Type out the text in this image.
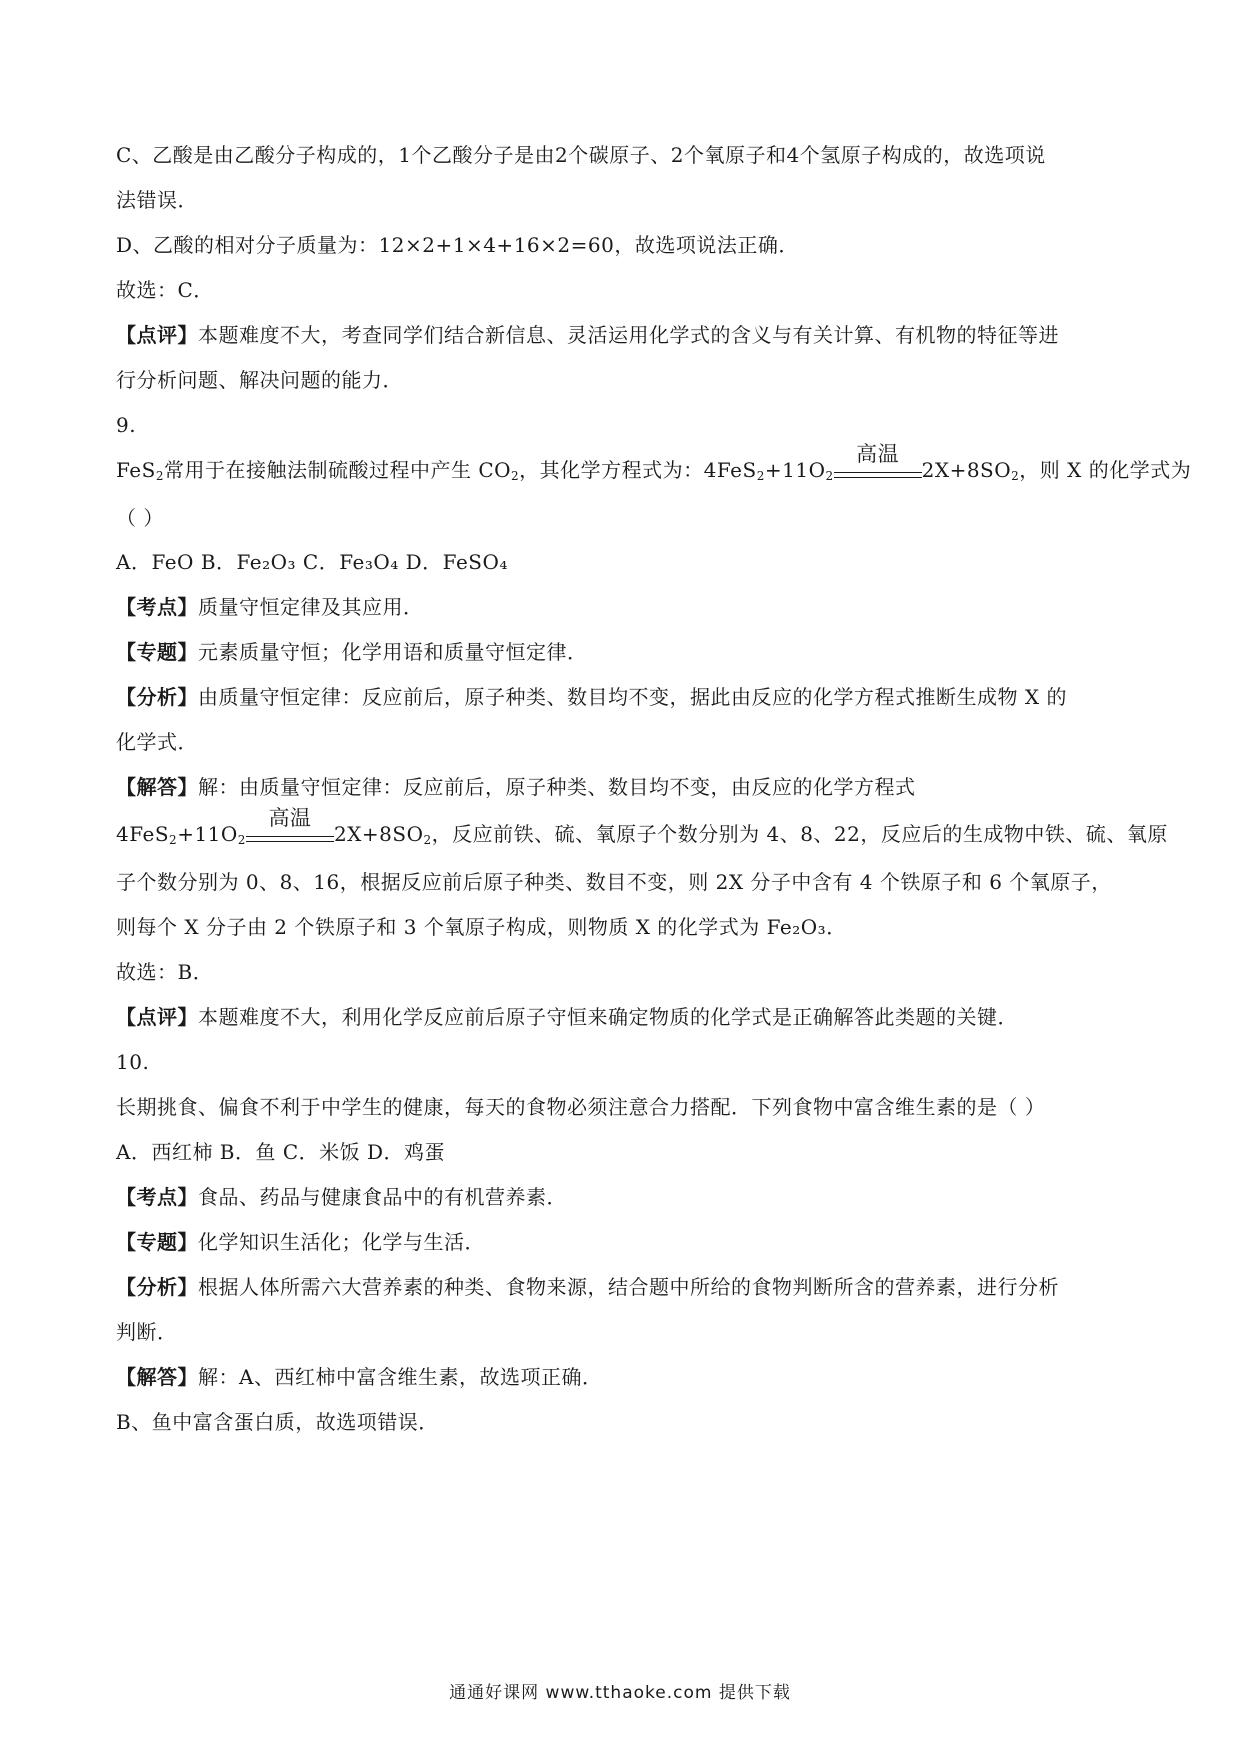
C、乙酸是由乙酸分子构成的，1个乙酸分子是由2个碳原子、2个氧原子和4个氢原子构成的，故选项说
法错误．
D、乙酸的相对分子质量为：12×2+1×4+16×2=60，故选项说法正确．
故选：C．
【点评】本题难度不大，考查同学们结合新信息、灵活运用化学式的含义与有关计算、有机物的特征等进
行分析问题、解决问题的能力．
9.
FeS$_2$常用于在接触法制硫酸过程中产生 $CO_2$，其化学方程式为：$4FeS_2+11O_2$
高温
$2X+8SO_2$，则 X 的化学式为
（ ）
A．FeO B．Fe₂O₃ C．Fe₃O₄ D．FeSO₄
【考点】质量守恒定律及其应用．
【专题】元素质量守恒；化学用语和质量守恒定律．
【分析】由质量守恒定律：反应前后，原子种类、数目均不变，据此由反应的化学方程式推断生成物 X 的
化学式．
【解答】解：由质量守恒定律：反应前后，原子种类、数目均不变，由反应的化学方程式
$4FeS_2+11O_2$
高温
$2X+8SO_2$，反应前铁、硫、氧原子个数分别为 4、8、22，反应后的生成物中铁、硫、氧原
子个数分别为 0、8、16，根据反应前后原子种类、数目不变，则 2X 分子中含有 4 个铁原子和 6 个氧原子，
则每个 X 分子由 2 个铁原子和 3 个氧原子构成，则物质 X 的化学式为 Fe₂O₃．
故选：B．
【点评】本题难度不大，利用化学反应前后原子守恒来确定物质的化学式是正确解答此类题的关键．
10.
长期挑食、偏食不利于中学生的健康，每天的食物必须注意合力搭配．下列食物中富含维生素的是（ ）
A．西红柿 B．鱼 C．米饭 D．鸡蛋
【考点】食品、药品与健康食品中的有机营养素．
【专题】化学知识生活化；化学与生活．
【分析】根据人体所需六大营养素的种类、食物来源，结合题中所给的食物判断所含的营养素，进行分析
判断．
【解答】解：A、西红柿中富含维生素，故选项正确．
B、鱼中富含蛋白质，故选项错误．
通通好课网 www.tthaoke.com 提供下载
